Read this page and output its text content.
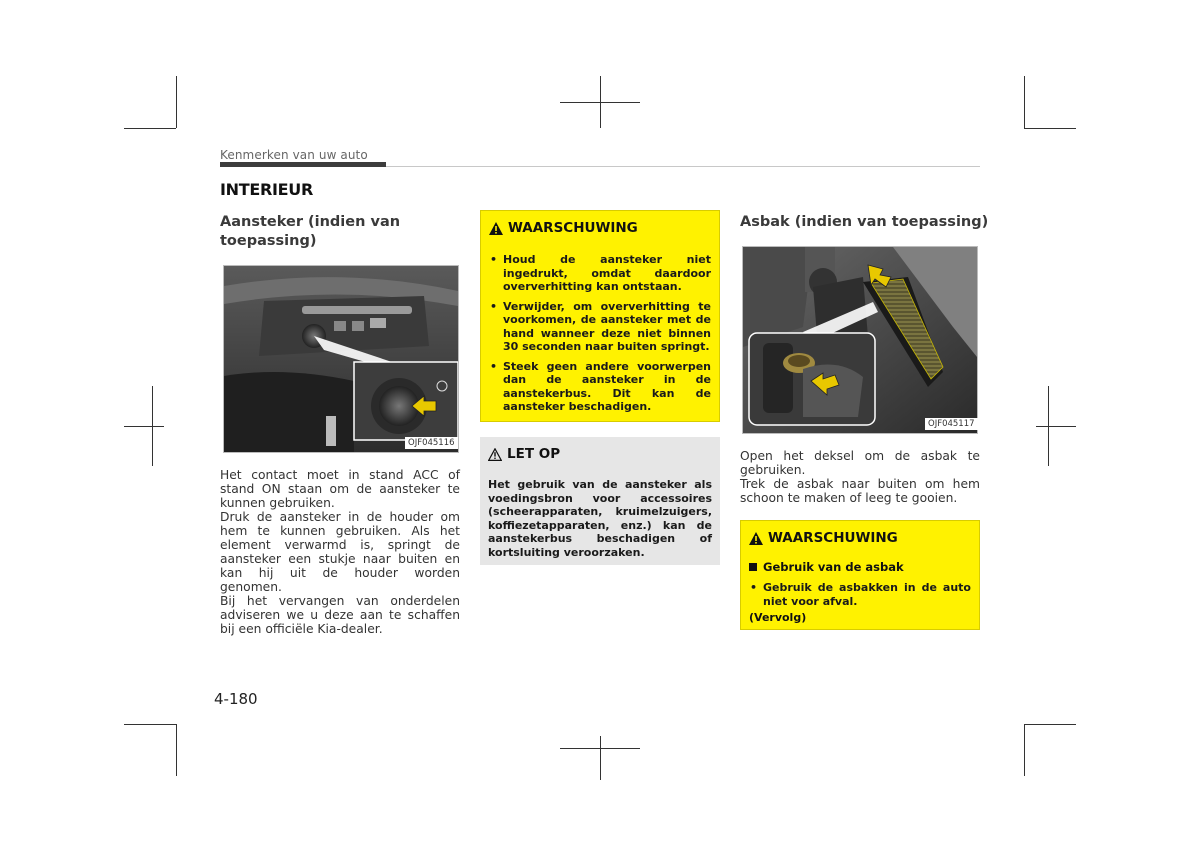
Kenmerken van uw auto
INTERIEUR
Aansteker (indien van
toepassing)
OJF045116

Het contact moet in stand ACC of stand ON staan om de aansteker te kunnen gebruiken.

Druk de aansteker in de houder om hem te kunnen gebruiken. Als het element verwarmd is, springt de aansteker een stukje naar buiten en kan hij uit de houder worden genomen.

Bij het vervangen van onderdelen adviseren we u deze aan te schaffen bij een officiële Kia-dealer.

WAARSCHUWING
• Houd de aansteker niet ingedrukt, omdat daardoor oververhitting kan ontstaan.
• Verwijder, om oververhitting te voorkomen, de aansteker met de hand wanneer deze niet binnen 30 seconden naar buiten springt.
• Steek geen andere voorwerpen dan de aansteker in de aanstekerbus. Dit kan de aansteker beschadigen.
LET OP
Het gebruik van de aansteker als voedingsbron voor accessoires (scheerapparaten, kruimelzuigers, koffiezetapparaten, enz.) kan de aanstekerbus beschadigen of kortsluiting veroorzaken.
Asbak (indien van toepassing)
OJF045117

Open het deksel om de asbak te gebruiken.

Trek de asbak naar buiten om hem schoon te maken of leeg te gooien.

WAARSCHUWING
Gebruik van de asbak
• Gebruik de asbakken in de auto niet voor afval.
(Vervolg)
4-180
